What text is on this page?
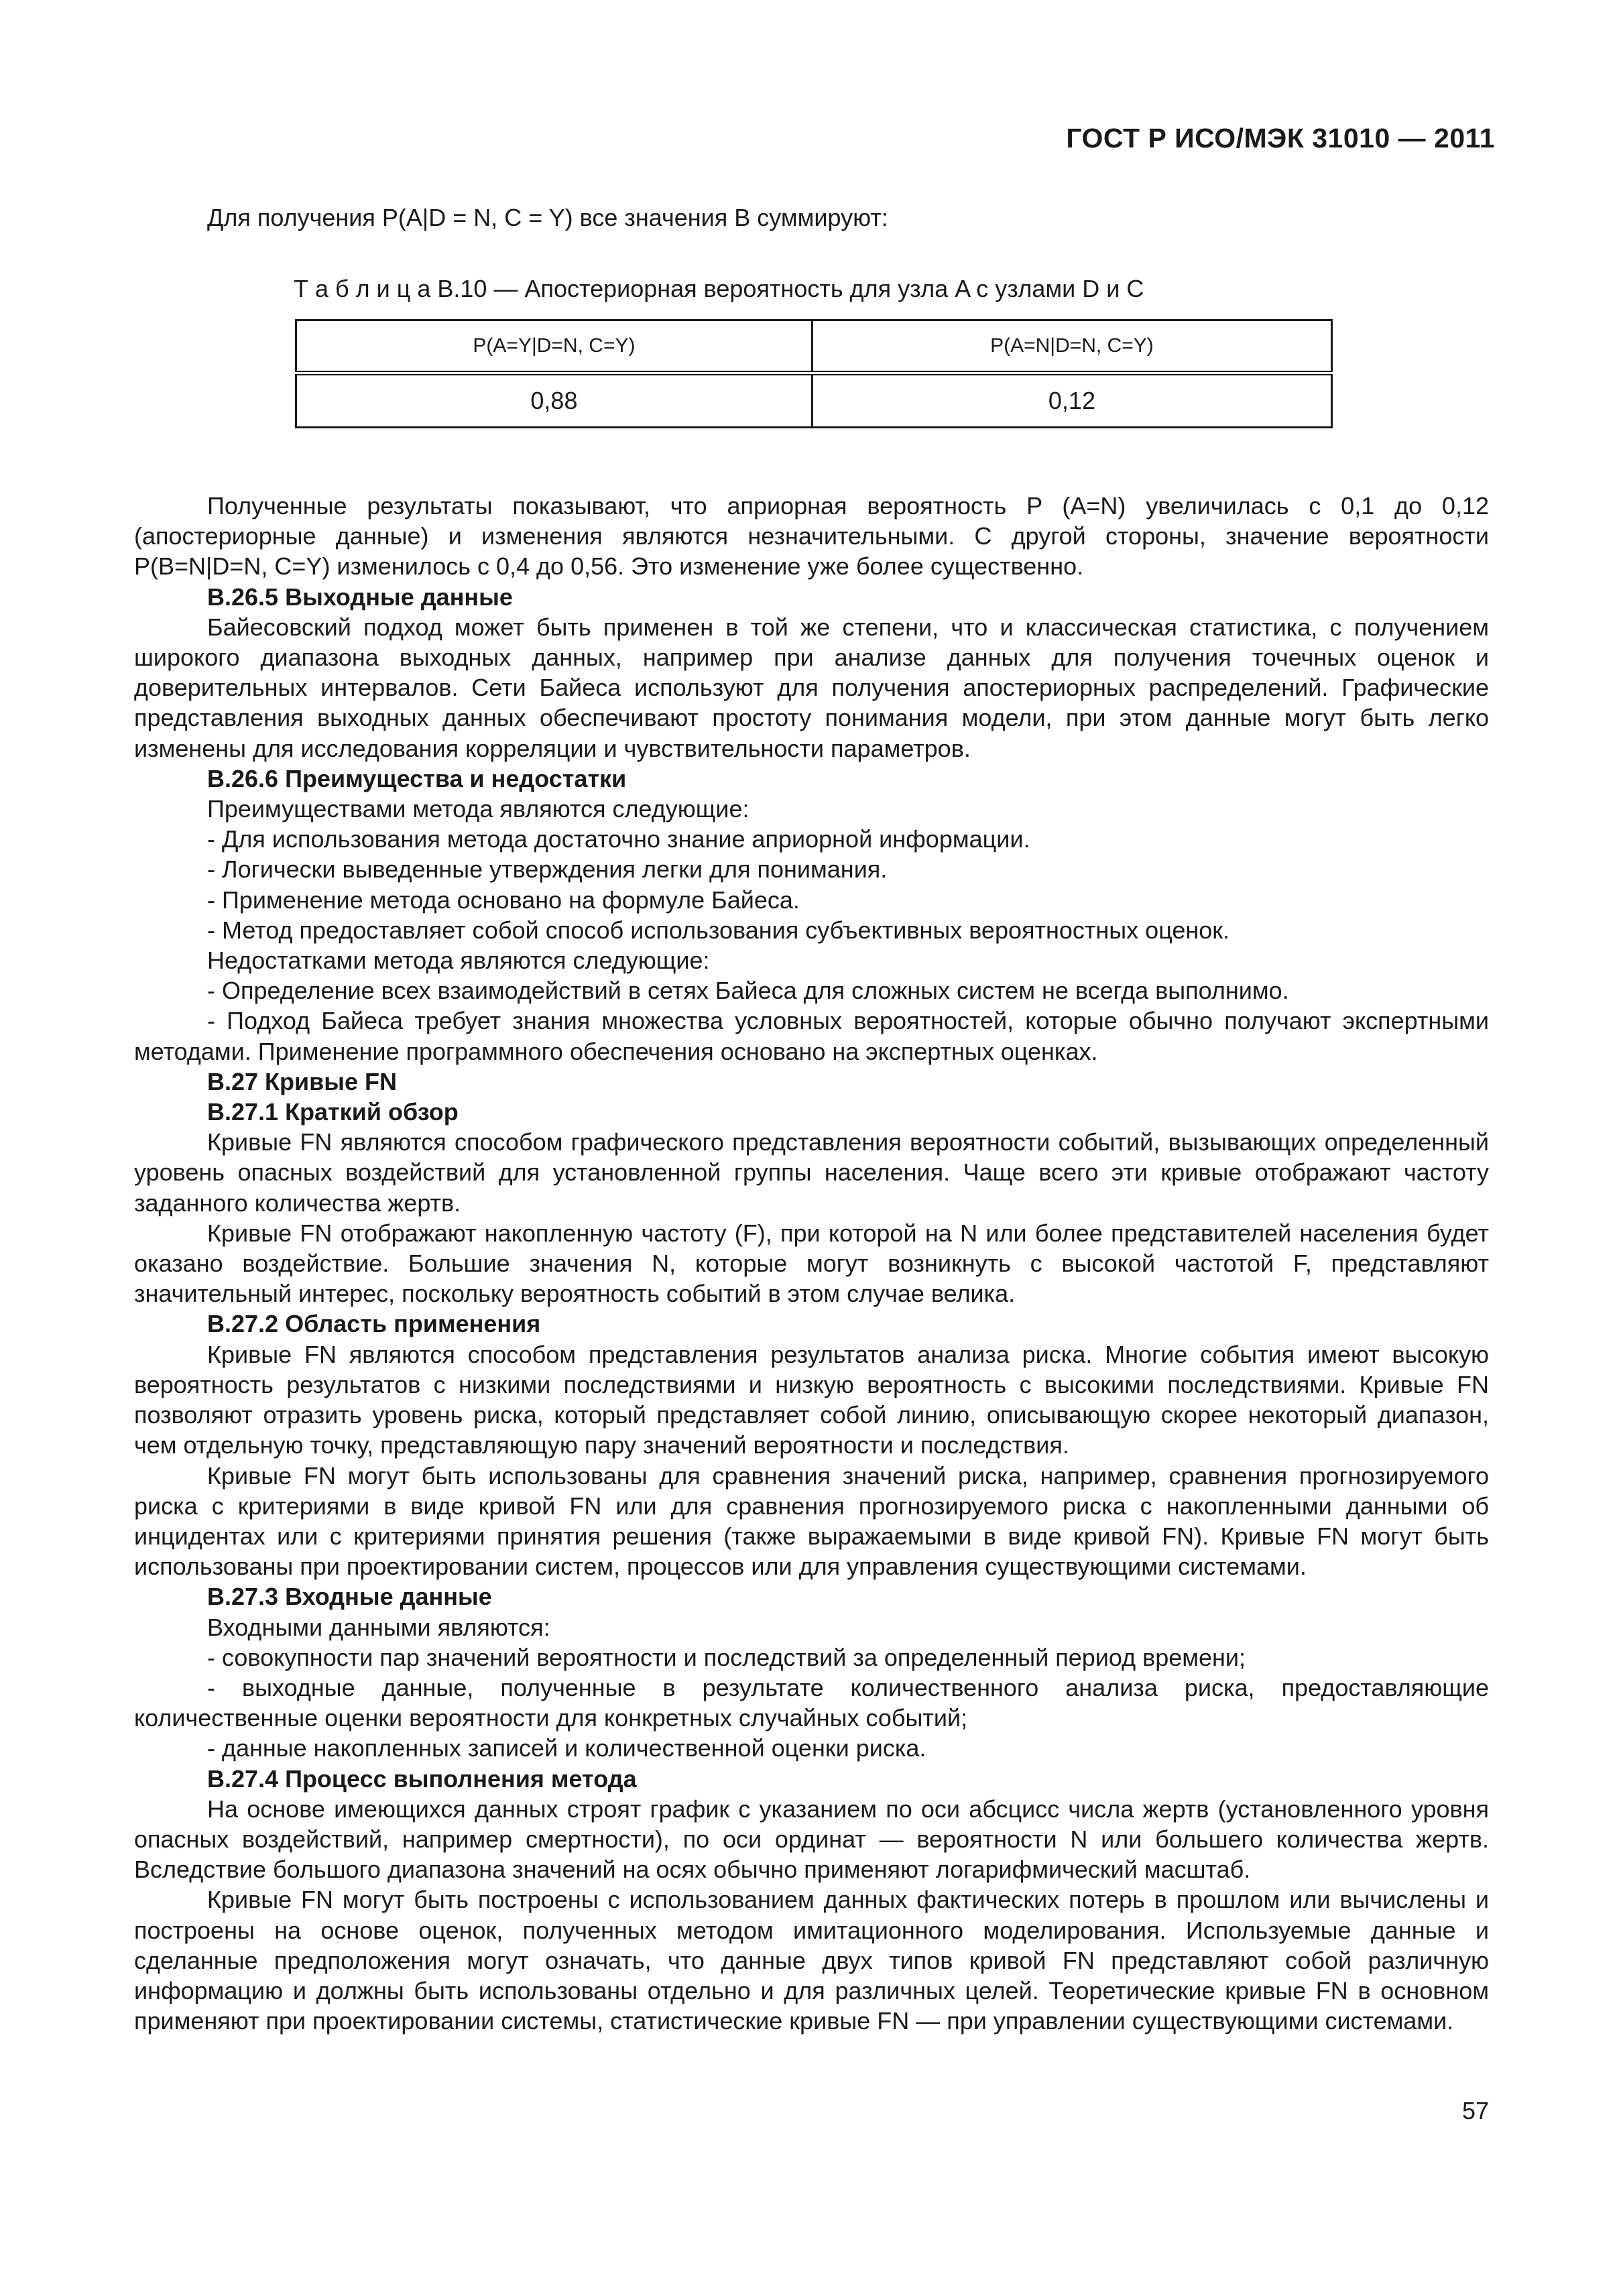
ГОСТ Р ИСО/МЭК 31010 — 2011
Для получения P(A|D = N, C = Y) все значения B суммируют:
Т а б л и ц а B.10 — Апостериорная вероятность для узла A с узлами D и C
P(A=Y|D=N, C=Y)	P(A=N|D=N, C=Y)
0,88	0,12

Полученные результаты показывают, что априорная вероятность P (A=N) увеличилась с 0,1 до 0,12 (апостериорные данные) и изменения являются незначительными. С другой стороны, значение вероятности P(B=N|D=N, C=Y) изменилось с 0,4 до 0,56. Это изменение уже более существенно.

B.26.5 Выходные данные

Байесовский подход может быть применен в той же степени, что и классическая статистика, с получением широкого диапазона выходных данных, например при анализе данных для получения точечных оценок и доверительных интервалов. Сети Байеса используют для получения апостериорных распределений. Графические представления выходных данных обеспечивают простоту понимания модели, при этом данные могут быть легко изменены для исследования корреляции и чувствительности параметров.

B.26.6 Преимущества и недостатки

Преимуществами метода являются следующие:

- Для использования метода достаточно знание априорной информации.

- Логически выведенные утверждения легки для понимания.

- Применение метода основано на формуле Байеса.

- Метод предоставляет собой способ использования субъективных вероятностных оценок.

Недостатками метода являются следующие:

- Определение всех взаимодействий в сетях Байеса для сложных систем не всегда выполнимо.

- Подход Байеса требует знания множества условных вероятностей, которые обычно получают экспертными методами. Применение программного обеспечения основано на экспертных оценках.

B.27 Кривые FN

B.27.1 Краткий обзор

Кривые FN являются способом графического представления вероятности событий, вызывающих определенный уровень опасных воздействий для установленной группы населения. Чаще всего эти кривые отображают частоту заданного количества жертв.

Кривые FN отображают накопленную частоту (F), при которой на N или более представителей населения будет оказано воздействие. Большие значения N, которые могут возникнуть с высокой частотой F, представляют значительный интерес, поскольку вероятность событий в этом случае велика.

B.27.2 Область применения

Кривые FN являются способом представления результатов анализа риска. Многие события имеют высокую вероятность результатов с низкими последствиями и низкую вероятность с высокими последствиями. Кривые FN позволяют отразить уровень риска, который представляет собой линию, описывающую скорее некоторый диапазон, чем отдельную точку, представляющую пару значений вероятности и последствия.

Кривые FN могут быть использованы для сравнения значений риска, например, сравнения прогнозируемого риска с критериями в виде кривой FN или для сравнения прогнозируемого риска с накопленными данными об инцидентах или с критериями принятия решения (также выражаемыми в виде кривой FN). Кривые FN могут быть использованы при проектировании систем, процессов или для управления существующими системами.

B.27.3 Входные данные

Входными данными являются:

- совокупности пар значений вероятности и последствий за определенный период времени;

- выходные данные, полученные в результате количественного анализа риска, предоставляющие количественные оценки вероятности для конкретных случайных событий;

- данные накопленных записей и количественной оценки риска.

B.27.4 Процесс выполнения метода

На основе имеющихся данных строят график с указанием по оси абсцисс числа жертв (установленного уровня опасных воздействий, например смертности), по оси ординат — вероятности N или большего количества жертв. Вследствие большого диапазона значений на осях обычно применяют логарифмический масштаб.

Кривые FN могут быть построены с использованием данных фактических потерь в прошлом или вычислены и построены на основе оценок, полученных методом имитационного моделирования. Используемые данные и сделанные предположения могут означать, что данные двух типов кривой FN представляют собой различную информацию и должны быть использованы отдельно и для различных целей. Теоретические кривые FN в основном применяют при проектировании системы, статистические кривые FN — при управлении существующими системами.

57
